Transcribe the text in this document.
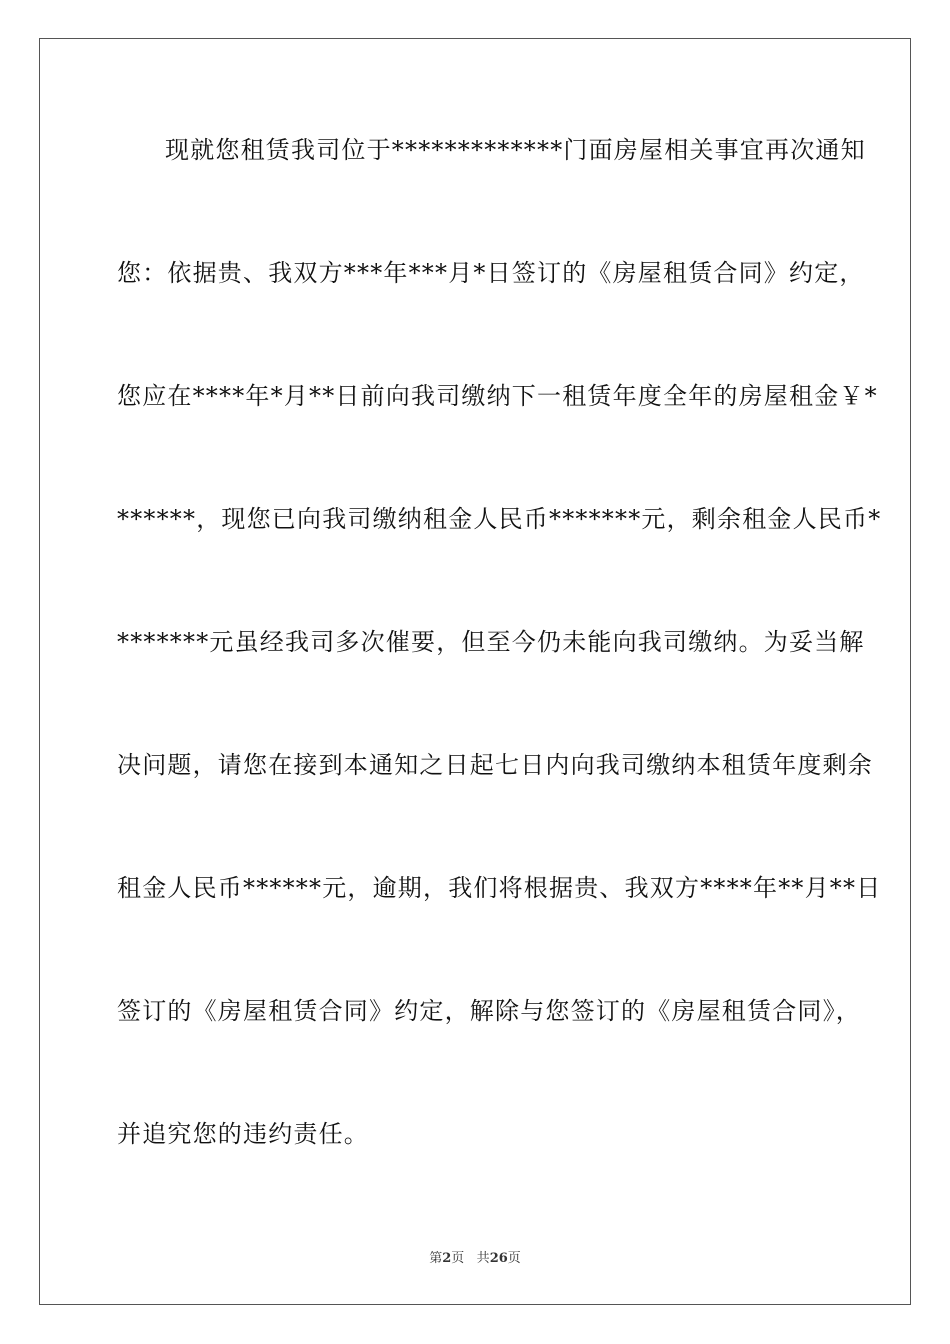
现就您租赁我司位于*************门面房屋相关事宜再次通知
您：依据贵、我双方***年***月*日签订的《房屋租赁合同》约定，
您应在****年*月**日前向我司缴纳下一租赁年度全年的房屋租金￥*
******，现您已向我司缴纳租金人民币*******元，剩余租金人民币*
*******元虽经我司多次催要，但至今仍未能向我司缴纳。为妥当解
决问题，请您在接到本通知之日起七日内向我司缴纳本租赁年度剩余
租金人民币******元，逾期，我们将根据贵、我双方****年**月**日
签订的《房屋租赁合同》约定，解除与您签订的《房屋租赁合同》，
并追究您的违约责任。
第2页 共26页
